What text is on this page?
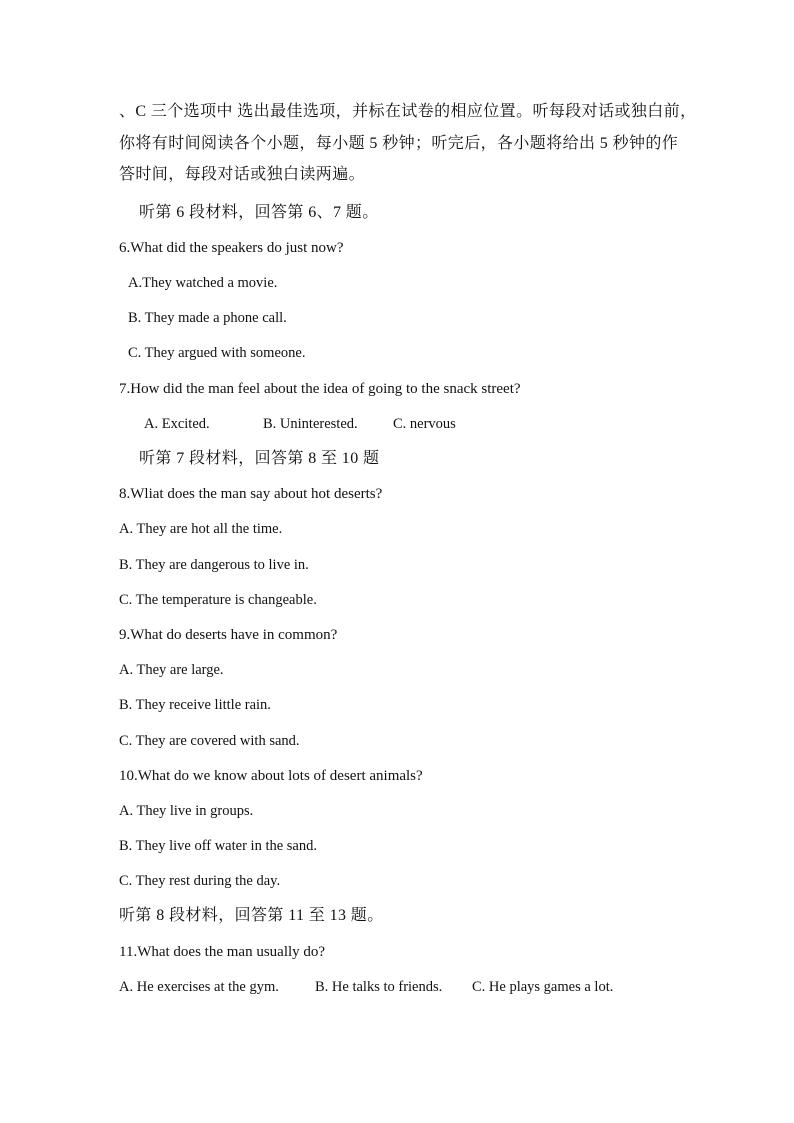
、C 三个选项中 选出最佳选项，并标在试卷的相应位置。听每段对话或独白前，
你将有时间阅读各个小题，每小题 5 秒钟；听完后，各小题将给出 5 秒钟的作
答时间，每段对话或独白读两遍。
听第 6 段材料，回答第 6、7 题。
6.What did the speakers do just now?
A.They watched a movie.
B. They made a phone call.
C. They argued with someone.
7.How did the man feel about the idea of going to the snack street?
A. Excited.	B. Uninterested. C. nervous
听第 7 段材料，回答第 8 至 10 题
8.Wliat does the man say about hot deserts?
A. They are hot all the time.
B. They are dangerous to live in.
C. The temperature is changeable.
9.What do deserts have in common?
A. They are large.
B. They receive little rain.
C. They are covered with sand.
10.What do we know about lots of desert animals?
A. They live in groups.
B. They live off water in the sand.
C. They rest during the day.
听第 8 段材料，回答第 11 至 13 题。
11.What does the man usually do?
A. He exercises at the gym. B. He talks to friends. C. He plays games a lot.
